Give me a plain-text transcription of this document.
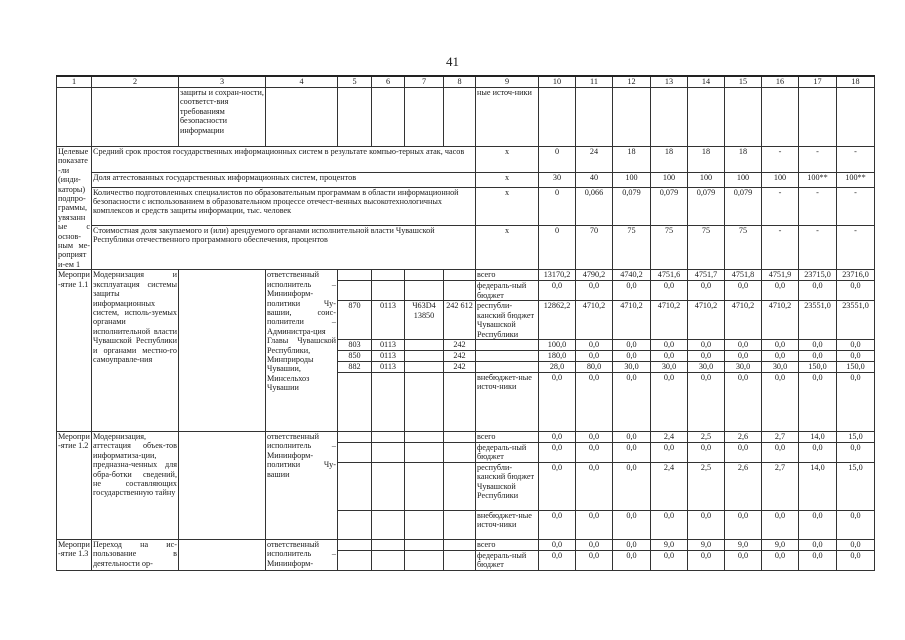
41
1	2	3	4	5	6	7	8	9	10	11	12	13	14	15	16	17	18
		защиты и сохран-ности, соответст-вия требованиям безопасности информации						ные источ-ники									
Целевые показате-ли (инди-каторы) подпро-граммы, увязанные с основ-ным ме-роприяти-ем 1	Средний срок простоя государственных информационных систем в результате компью-терных атак, часов							x	0	24	18	18	18	18	-	-	-
	Доля аттестованных государственных информационных систем, процентов							x	30	40	100	100	100	100	100	100**	100**
	Количество подготовленных специалистов по образовательным программам в области информационной безопасности с использованием в образовательном процессе отечест-венных высокотехнологичных комплексов и средств защиты информации, тыс. человек							x	0	0,066	0,079	0,079	0,079	0,079	-	-	-
	Стоимостная доля закупаемого и (или) арендуемого органами исполнительной власти Чувашской Республики отечественного программного обеспечения, процентов							x	0	70	75	75	75	75	-	-	-
Меропри-ятие 1.1	Модернизация и эксплуатация системы защиты информационных систем, исполь-зуемых органами исполнительной власти Чувашской Республики и органами местно-го самоуправле-ния		ответственный исполнитель – Мининформ-политики Чу-вашии, соис-полнители – Администра-ция Главы Чувашской Республики, Минприроды Чувашии, Минсельхоз Чувашии					всего	13170,2	4790,2	4740,2	4751,6	4751,7	4751,8	4751,9	23715,0	23716,0
								федераль-ный бюджет	0,0	0,0	0,0	0,0	0,0	0,0	0,0	0,0	0,0
				870	0113	Ч63D4 13850	242 612	республи-канский бюджет Чувашской Республики	12862,2	4710,2	4710,2	4710,2	4710,2	4710,2	4710,2	23551,0	23551,0
				803	0113		242		100,0	0,0	0,0	0,0	0,0	0,0	0,0	0,0	0,0
				850	0113		242		180,0	0,0	0,0	0,0	0,0	0,0	0,0	0,0	0,0
				882	0113		242		28,0	80,0	30,0	30,0	30,0	30,0	30,0	150,0	150,0
								внебюджет-ные источ-ники	0,0	0,0	0,0	0,0	0,0	0,0	0,0	0,0	0,0
Меропри-ятие 1.2	Модернизация, аттестация объек-тов информатиза-ции, предназна-ченных для обра-ботки сведений, не составляющих государственную тайну		ответственный исполнитель – Мининформ-политики Чу-вашии					всего	0,0	0,0	0,0	2,4	2,5	2,6	2,7	14,0	15,0
								федераль-ный бюджет	0,0	0,0	0,0	0,0	0,0	0,0	0,0	0,0	0,0
								республи-канский бюджет Чувашской Республики	0,0	0,0	0,0	2,4	2,5	2,6	2,7	14,0	15,0
								внебюджет-ные источ-ники	0,0	0,0	0,0	0,0	0,0	0,0	0,0	0,0	0,0
Меропри-ятие 1.3	Переход на ис-пользование в деятельности ор-		ответственный исполнитель – Мининформ-					всего	0,0	0,0	0,0	9,0	9,0	9,0	9,0	0,0	0,0
								федераль-ный бюджет	0,0	0,0	0,0	0,0	0,0	0,0	0,0	0,0	0,0
